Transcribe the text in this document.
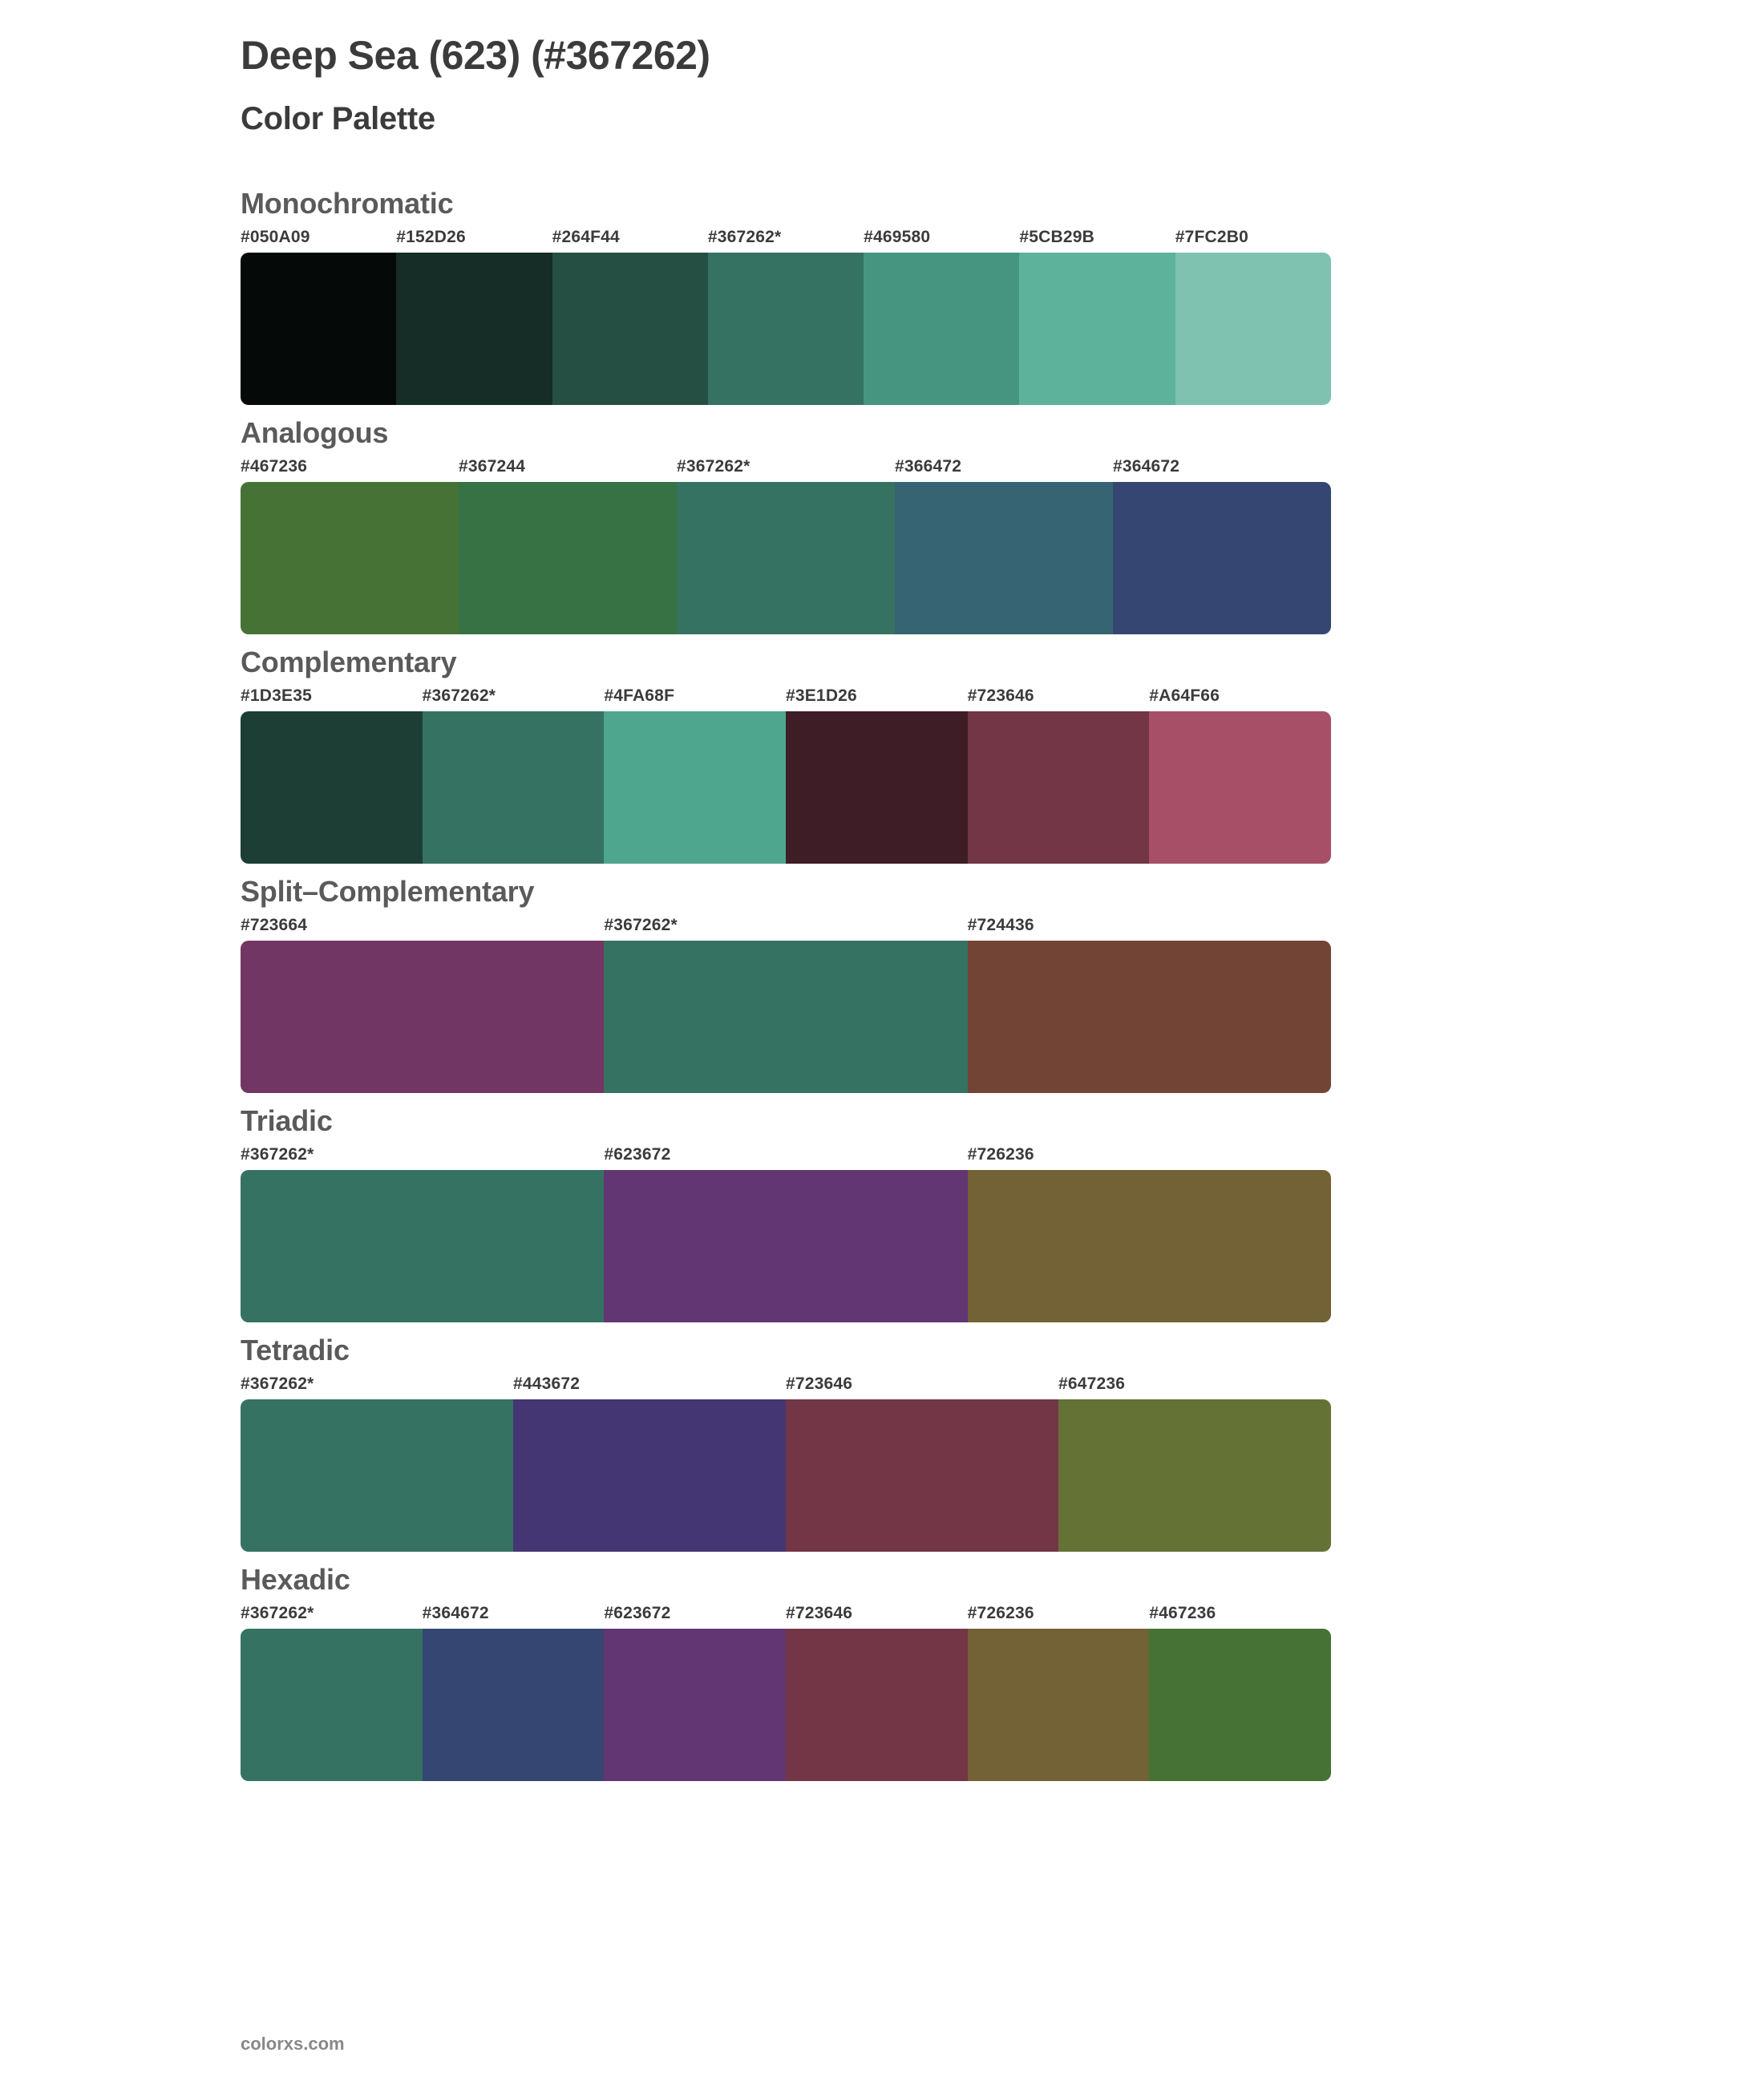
Deep Sea (623) (#367262)
Color Palette
Monochromatic
#050A09	#152D26	#264F44	#367262*	#469580	#5CB29B	#7FC2B0
Analogous
#467236	#367244	#367262*	#366472	#364672
Complementary
#1D3E35	#367262*	#4FA68F	#3E1D26	#723646	#A64F66
Split–Complementary
#723664	#367262*	#724436
Triadic
#367262*	#623672	#726236
Tetradic
#367262*	#443672	#723646	#647236
Hexadic
#367262*	#364672	#623672	#723646	#726236	#467236
colorxs.com
